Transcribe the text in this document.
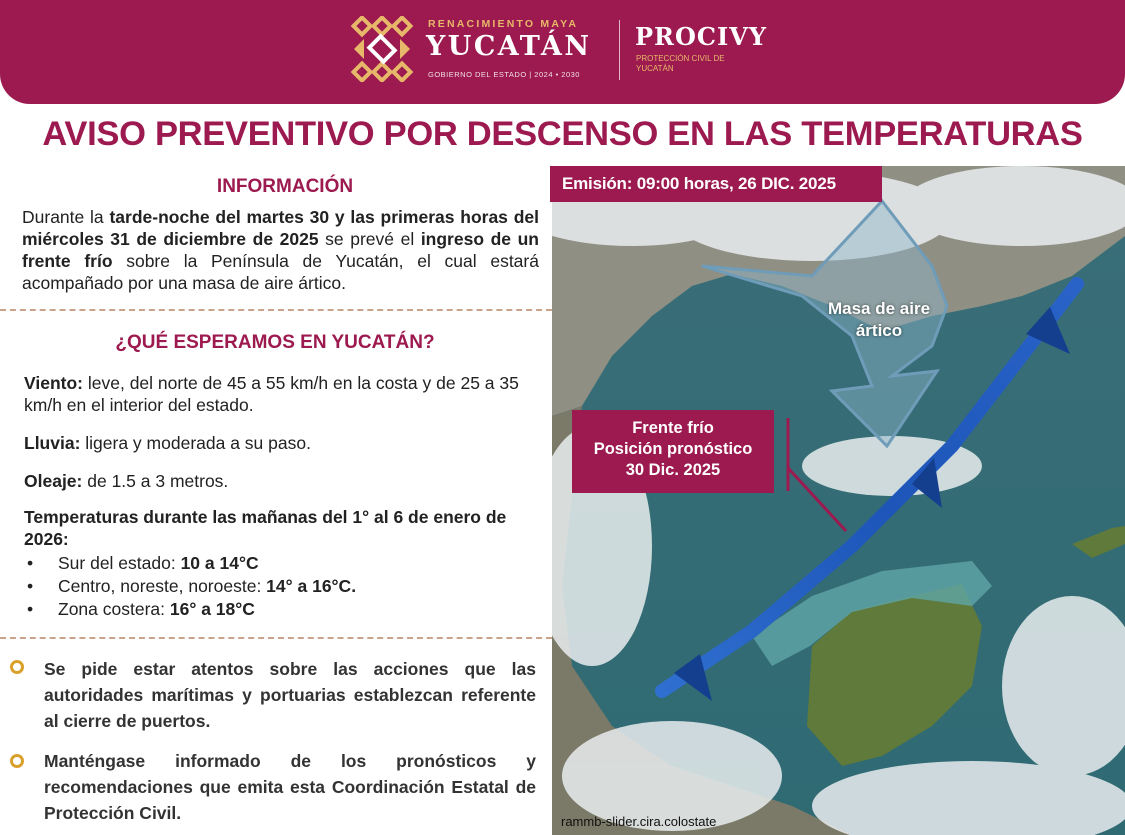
RENACIMIENTO MAYA
YUCATÁN
GOBIERNO DEL ESTADO | 2024 • 2030
PROCIVY
PROTECCIÓN CIVIL DE YUCATÁN
AVISO PREVENTIVO POR DESCENSO EN LAS TEMPERATURAS
INFORMACIÓN
Durante la tarde-noche del martes 30 y las primeras horas del miércoles 31 de diciembre de 2025 se prevé el ingreso de un frente frío sobre la Península de Yucatán, el cual estará acompañado por una masa de aire ártico.
¿QUÉ ESPERAMOS EN YUCATÁN?
Viento: leve, del norte de 45 a 55 km/h en la costa y de 25 a 35 km/h en el interior del estado.
Lluvia: ligera y moderada a su paso.
Oleaje: de 1.5 a 3 metros.
Temperaturas durante las mañanas del 1° al 6 de enero de 2026:
• Sur del estado: 10 a 14°C
• Centro, noreste, noroeste: 14° a 16°C.
• Zona costera: 16° a 18°C
Se pide estar atentos sobre las acciones que las autoridades marítimas y portuarias establezcan referente al cierre de puertos.
Manténgase informado de los pronósticos y recomendaciones que emita esta Coordinación Estatal de Protección Civil.
Emisión: 09:00 horas, 26 DIC. 2025
Masa de aire
ártico
Frente frío
Posición pronóstico
30 Dic. 2025
rammb-slider.cira.colostate
